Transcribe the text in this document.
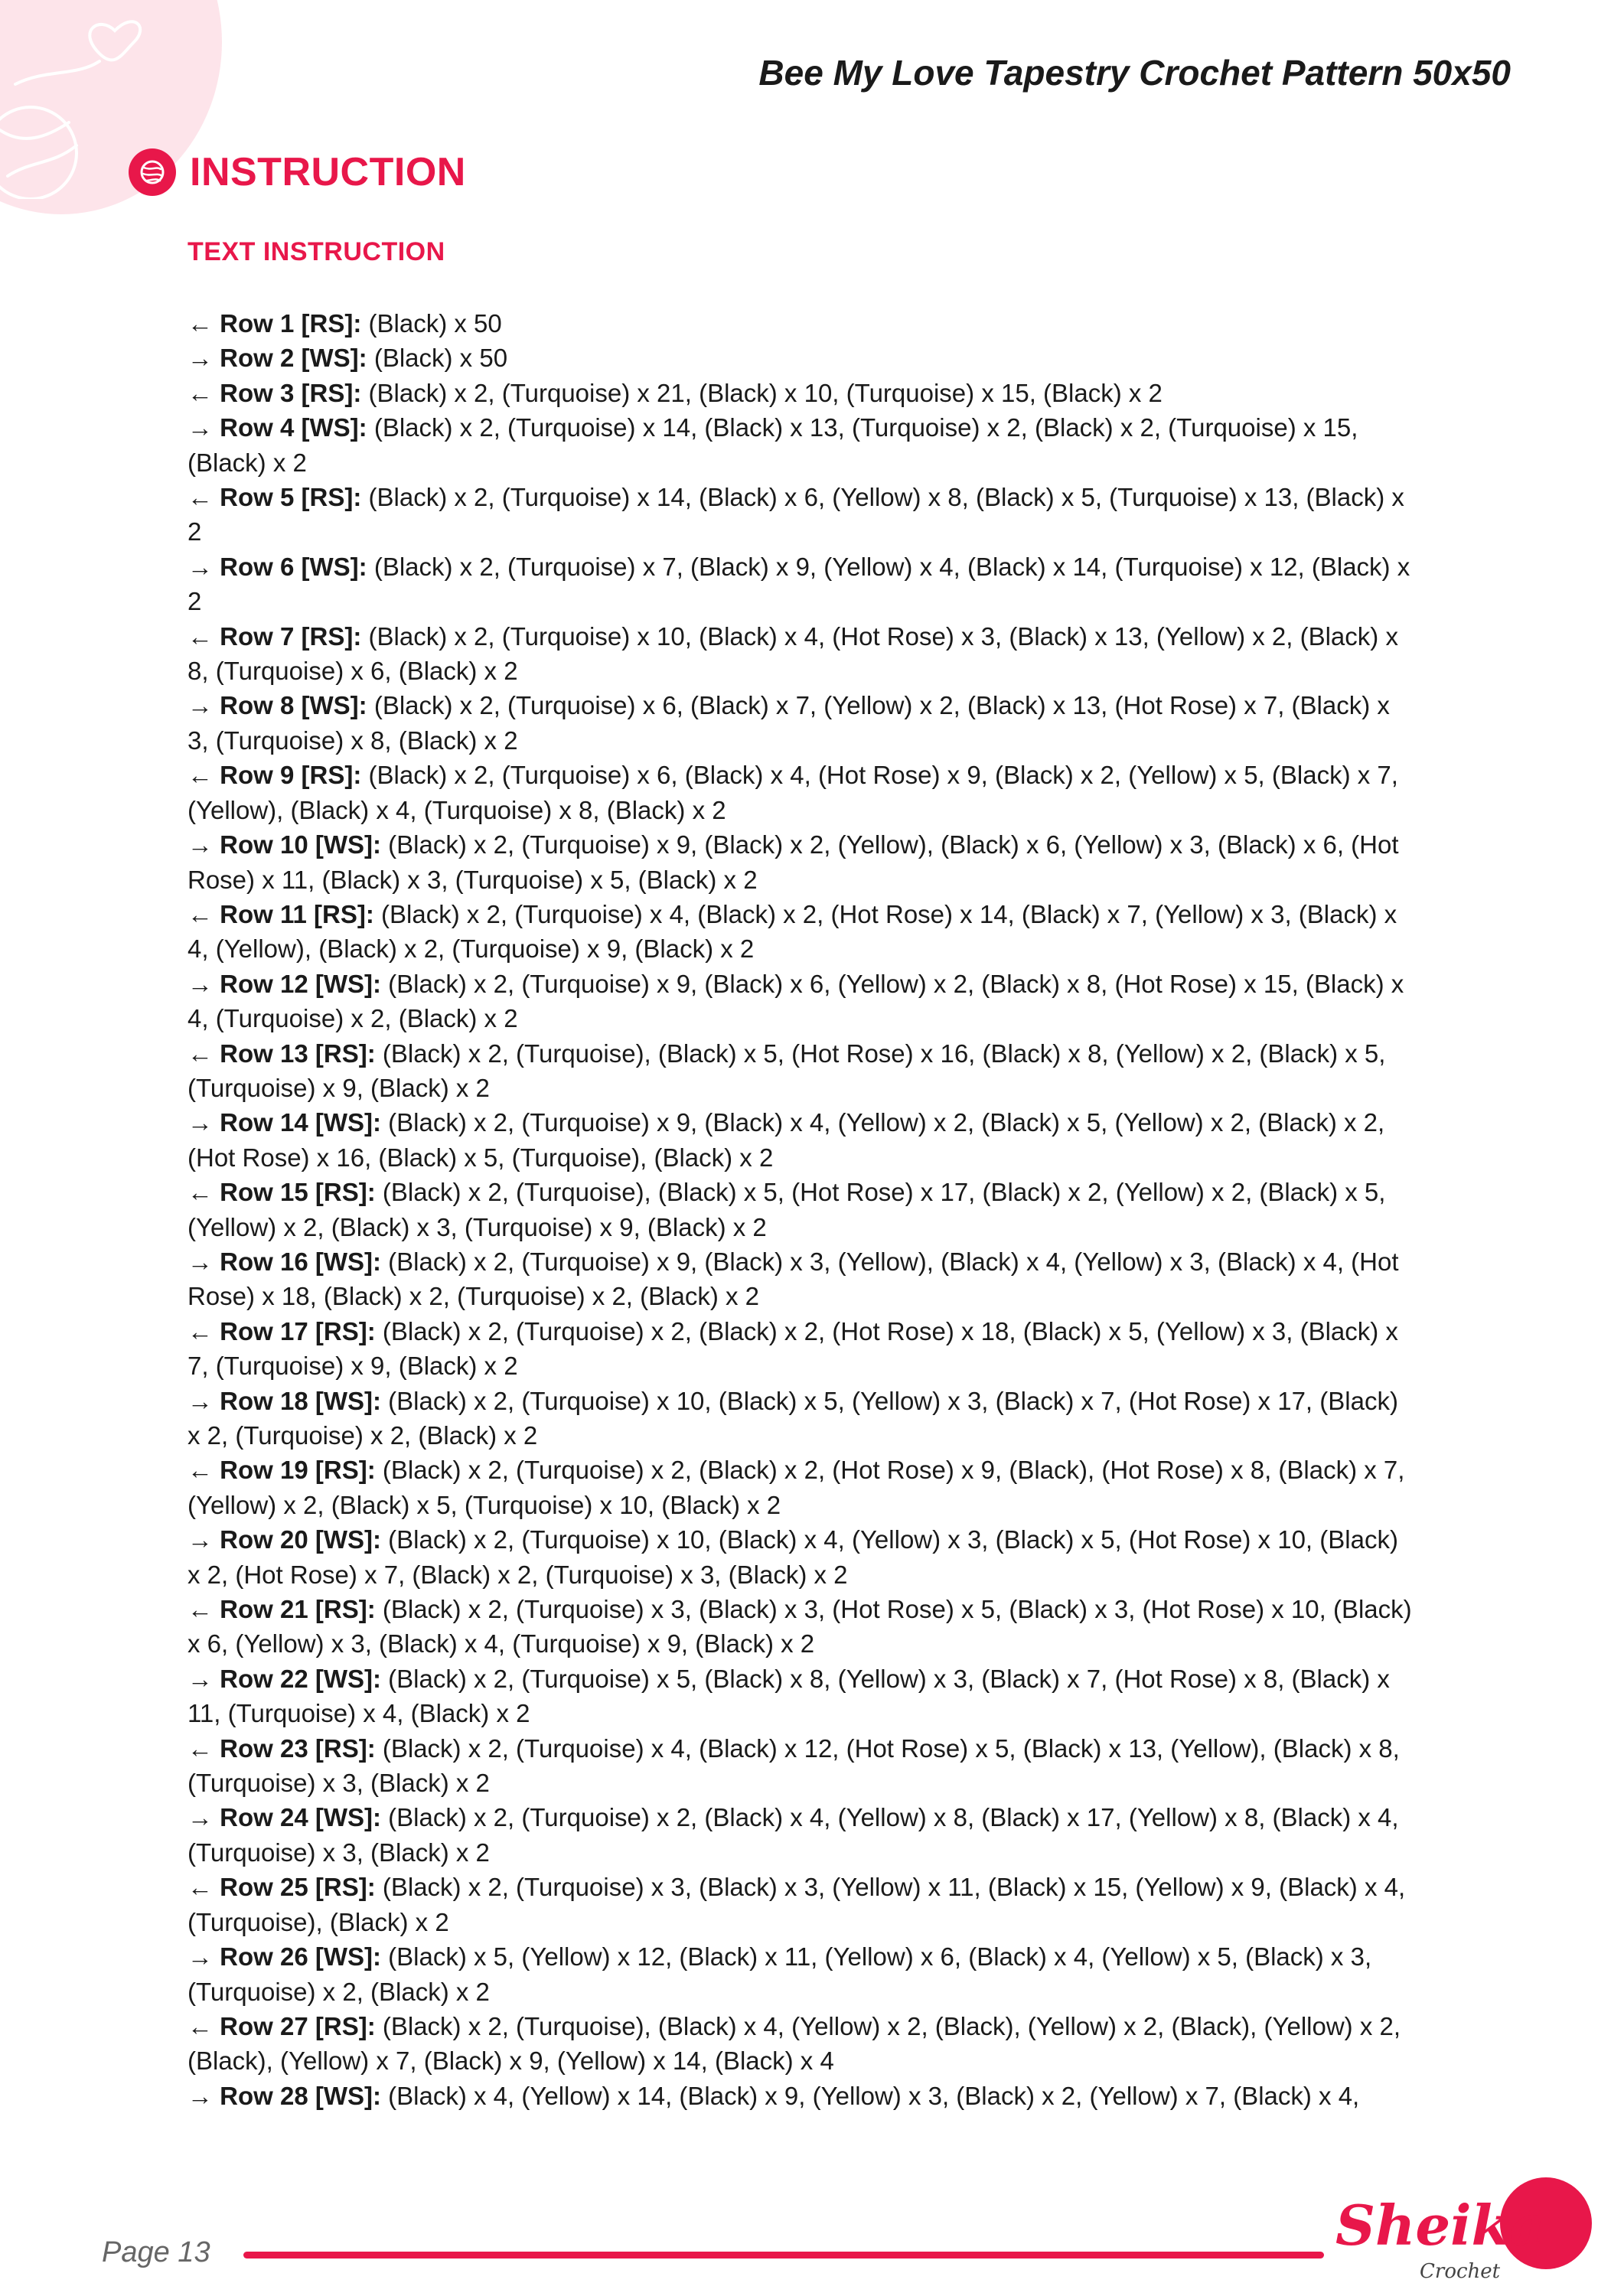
Bee My Love Tapestry Crochet Pattern 50x50
INSTRUCTION
TEXT INSTRUCTION

← Row 1 [RS]: (Black) x 50

→ Row 2 [WS]: (Black) x 50

← Row 3 [RS]: (Black) x 2, (Turquoise) x 21, (Black) x 10, (Turquoise) x 15, (Black) x 2

→ Row 4 [WS]: (Black) x 2, (Turquoise) x 14, (Black) x 13, (Turquoise) x 2, (Black) x 2, (Turquoise) x 15, (Black) x 2

← Row 5 [RS]: (Black) x 2, (Turquoise) x 14, (Black) x 6, (Yellow) x 8, (Black) x 5, (Turquoise) x 13, (Black) x 2

→ Row 6 [WS]: (Black) x 2, (Turquoise) x 7, (Black) x 9, (Yellow) x 4, (Black) x 14, (Turquoise) x 12, (Black) x 2

← Row 7 [RS]: (Black) x 2, (Turquoise) x 10, (Black) x 4, (Hot Rose) x 3, (Black) x 13, (Yellow) x 2, (Black) x 8, (Turquoise) x 6, (Black) x 2

→ Row 8 [WS]: (Black) x 2, (Turquoise) x 6, (Black) x 7, (Yellow) x 2, (Black) x 13, (Hot Rose) x 7, (Black) x 3, (Turquoise) x 8, (Black) x 2

← Row 9 [RS]: (Black) x 2, (Turquoise) x 6, (Black) x 4, (Hot Rose) x 9, (Black) x 2, (Yellow) x 5, (Black) x 7, (Yellow), (Black) x 4, (Turquoise) x 8, (Black) x 2

→ Row 10 [WS]: (Black) x 2, (Turquoise) x 9, (Black) x 2, (Yellow), (Black) x 6, (Yellow) x 3, (Black) x 6, (Hot Rose) x 11, (Black) x 3, (Turquoise) x 5, (Black) x 2

← Row 11 [RS]: (Black) x 2, (Turquoise) x 4, (Black) x 2, (Hot Rose) x 14, (Black) x 7, (Yellow) x 3, (Black) x 4, (Yellow), (Black) x 2, (Turquoise) x 9, (Black) x 2

→ Row 12 [WS]: (Black) x 2, (Turquoise) x 9, (Black) x 6, (Yellow) x 2, (Black) x 8, (Hot Rose) x 15, (Black) x 4, (Turquoise) x 2, (Black) x 2

← Row 13 [RS]: (Black) x 2, (Turquoise), (Black) x 5, (Hot Rose) x 16, (Black) x 8, (Yellow) x 2, (Black) x 5, (Turquoise) x 9, (Black) x 2

→ Row 14 [WS]: (Black) x 2, (Turquoise) x 9, (Black) x 4, (Yellow) x 2, (Black) x 5, (Yellow) x 2, (Black) x 2, (Hot Rose) x 16, (Black) x 5, (Turquoise), (Black) x 2

← Row 15 [RS]: (Black) x 2, (Turquoise), (Black) x 5, (Hot Rose) x 17, (Black) x 2, (Yellow) x 2, (Black) x 5, (Yellow) x 2, (Black) x 3, (Turquoise) x 9, (Black) x 2

→ Row 16 [WS]: (Black) x 2, (Turquoise) x 9, (Black) x 3, (Yellow), (Black) x 4, (Yellow) x 3, (Black) x 4, (Hot Rose) x 18, (Black) x 2, (Turquoise) x 2, (Black) x 2

← Row 17 [RS]: (Black) x 2, (Turquoise) x 2, (Black) x 2, (Hot Rose) x 18, (Black) x 5, (Yellow) x 3, (Black) x 7, (Turquoise) x 9, (Black) x 2

→ Row 18 [WS]: (Black) x 2, (Turquoise) x 10, (Black) x 5, (Yellow) x 3, (Black) x 7, (Hot Rose) x 17, (Black) x 2, (Turquoise) x 2, (Black) x 2

← Row 19 [RS]: (Black) x 2, (Turquoise) x 2, (Black) x 2, (Hot Rose) x 9, (Black), (Hot Rose) x 8, (Black) x 7, (Yellow) x 2, (Black) x 5, (Turquoise) x 10, (Black) x 2

→ Row 20 [WS]: (Black) x 2, (Turquoise) x 10, (Black) x 4, (Yellow) x 3, (Black) x 5, (Hot Rose) x 10, (Black) x 2, (Hot Rose) x 7, (Black) x 2, (Turquoise) x 3, (Black) x 2

← Row 21 [RS]: (Black) x 2, (Turquoise) x 3, (Black) x 3, (Hot Rose) x 5, (Black) x 3, (Hot Rose) x 10, (Black) x 6, (Yellow) x 3, (Black) x 4, (Turquoise) x 9, (Black) x 2

→ Row 22 [WS]: (Black) x 2, (Turquoise) x 5, (Black) x 8, (Yellow) x 3, (Black) x 7, (Hot Rose) x 8, (Black) x 11, (Turquoise) x 4, (Black) x 2

← Row 23 [RS]: (Black) x 2, (Turquoise) x 4, (Black) x 12, (Hot Rose) x 5, (Black) x 13, (Yellow), (Black) x 8, (Turquoise) x 3, (Black) x 2

→ Row 24 [WS]: (Black) x 2, (Turquoise) x 2, (Black) x 4, (Yellow) x 8, (Black) x 17, (Yellow) x 8, (Black) x 4, (Turquoise) x 3, (Black) x 2

← Row 25 [RS]: (Black) x 2, (Turquoise) x 3, (Black) x 3, (Yellow) x 11, (Black) x 15, (Yellow) x 9, (Black) x 4, (Turquoise), (Black) x 2

→ Row 26 [WS]: (Black) x 5, (Yellow) x 12, (Black) x 11, (Yellow) x 6, (Black) x 4, (Yellow) x 5, (Black) x 3, (Turquoise) x 2, (Black) x 2

← Row 27 [RS]: (Black) x 2, (Turquoise), (Black) x 4, (Yellow) x 2, (Black), (Yellow) x 2, (Black), (Yellow) x 2, (Black), (Yellow) x 7, (Black) x 9, (Yellow) x 14, (Black) x 4

→ Row 28 [WS]: (Black) x 4, (Yellow) x 14, (Black) x 9, (Yellow) x 3, (Black) x 2, (Yellow) x 7, (Black) x 4,

Page 13	Sheika
Crochet
